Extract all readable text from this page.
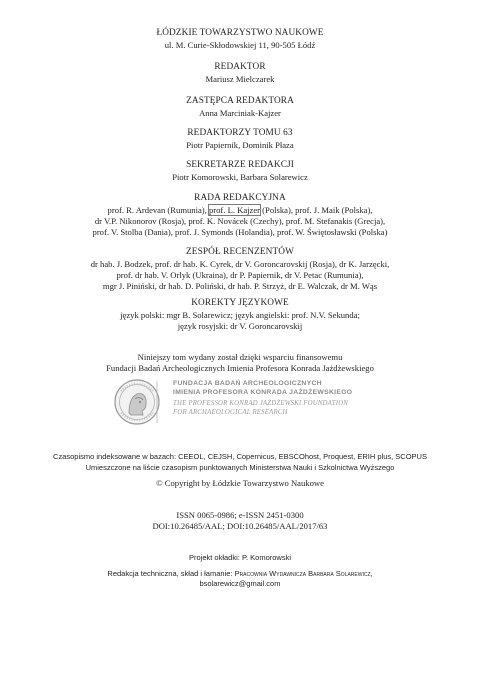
ŁÓDZKIE TOWARZYSTWO NAUKOWE
ul. M. Curie-Skłodowskiej 11, 90-505 Łódź
REDAKTOR
Mariusz Mielczarek
ZASTĘPCA REDAKTORA
Anna Marciniak-Kajzer
REDAKTORZY TOMU 63
Piotr Papiernik, Dominik Płaza
SEKRETARZE REDAKCJI
Piotr Komorowski, Barbara Solarewicz
RADA REDAKCYJNA
prof. R. Ardevan (Rumunia), prof. L. Kajzer (Polska), prof. J. Maik (Polska),
dr V.P. Nikonorov (Rosja), prof. K. Novácek (Czechy), prof. M. Stefanakis (Grecja),
prof. V. Stolba (Dania), prof. J. Symonds (Holandia), prof. W. Świętosławski (Polska)
ZESPÓŁ RECENZENTÓW
dr hab. J. Bodzek, prof. dr hab. K. Cyrek, dr V. Goroncarovskij (Rosja), dr K. Jarzęcki,
prof. dr hab. V. Orlyk (Ukraina), dr P. Papiernik, dr V. Petac (Rumunia),
mgr J. Piniński, dr hab. D. Poliński, dr hab. P. Strzyż, dr E. Walczak, dr M. Wąs
KOREKTY JĘZYKOWE
język polski: mgr B. Solarewicz; język angielski: prof. N.V. Sekunda;
język rosyjski: dr V. Goroncarovskij
Niniejszy tom wydany został dzięki wsparciu finansowemu
Fundacji Badań Archeologicznych Imienia Profesora Konrada Jażdżewskiego
FUNDACJA BADAŃ ARCHEOLOGICZNYCH
IMIENIA PROFESORA KONRADA JAŻDŻEWSKIEGO
THE PROFESSOR KONRAD JAŻDŻEWSKI FOUNDATION
FOR ARCHAEOLOGICAL RESEARCH
Czasopismo indeksowane w bazach: CEEOL, CEJSH, Copernicus, EBSCOhost, Proquest, ERIH plus, SCOPUS
Umieszczone na liście czasopism punktowanych Ministerstwa Nauki i Szkolnictwa Wyższego
© Copyright by Łódzkie Towarzystwo Naukowe
ISSN 0065-0986; e-ISSN 2451-0300
DOI:10.26485/AAL; DOI:10.26485/AAL/2017/63
Projekt okładki: P. Komorowski
Redakcja techniczna, skład i łamanie: Pracownia Wydawnicza Barbara Solarewicz,
bsolarewicz@gmail.com
